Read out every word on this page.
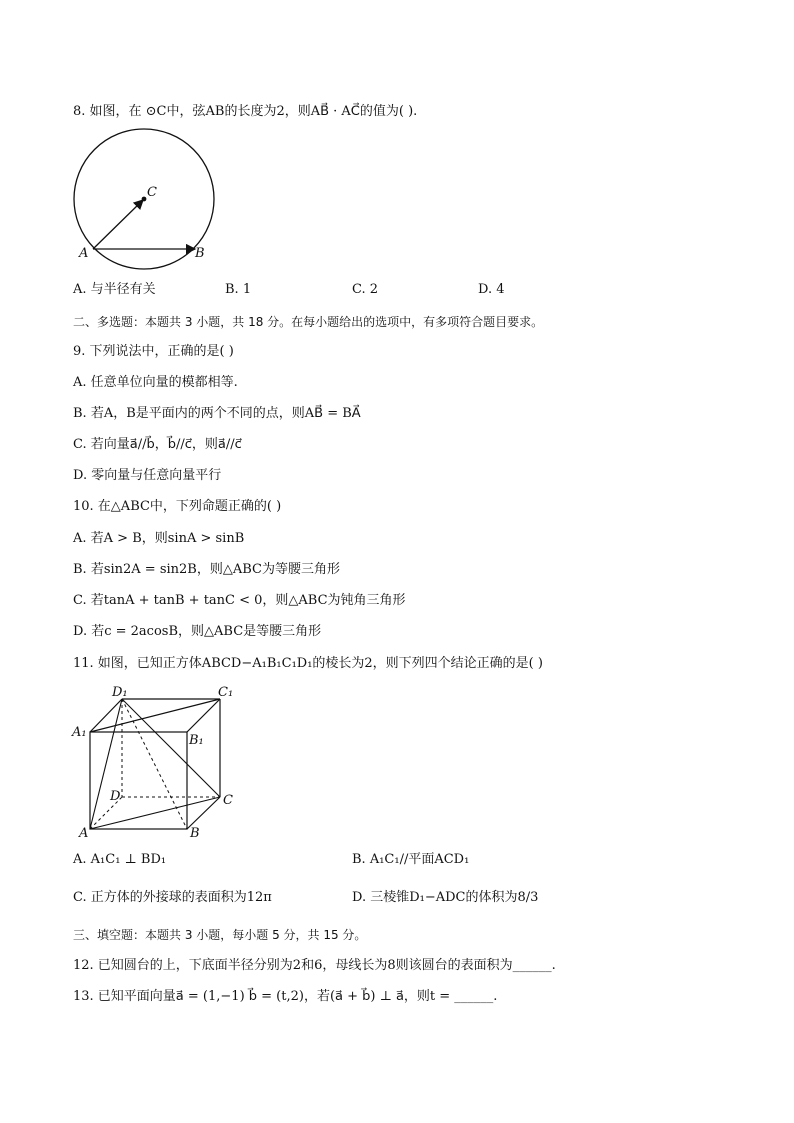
8. 如图，在 ⊙C中，弦AB的长度为2，则AB⃗ · AC⃗的值为( ).
C
A	B
A. 与半径有关	B. 1	C. 2	D. 4
二、多选题：本题共 3 小题，共 18 分。在每小题给出的选项中，有多项符合题目要求。
9. 下列说法中，正确的是( )
A. 任意单位向量的模都相等.
B. 若A，B是平面内的两个不同的点，则AB⃗ = BA⃗
C. 若向量a⃗//b⃗，b⃗//c⃗，则a⃗//c⃗
D. 零向量与任意向量平行
10. 在△ABC中，下列命题正确的( )
A. 若A > B，则sinA > sinB
B. 若sin2A = sin2B，则△ABC为等腰三角形
C. 若tanA + tanB + tanC < 0，则△ABC为钝角三角形
D. 若c = 2acosB，则△ABC是等腰三角形
11. 如图，已知正方体ABCD−A₁B₁C₁D₁的棱长为2，则下列四个结论正确的是( )
D₁	C₁
A₁
B₁
D	C
A	B
A. A₁C₁ ⊥ BD₁	B. A₁C₁//平面ACD₁
C. 正方体的外接球的表面积为12π	D. 三棱锥D₁−ADC的体积为8/3
三、填空题：本题共 3 小题，每小题 5 分，共 15 分。
12. 已知圆台的上，下底面半径分别为2和6，母线长为8则该圆台的表面积为______.
13. 已知平面向量a⃗ = (1,−1) b⃗ = (t,2)，若(a⃗ + b⃗) ⊥ a⃗，则t = ______.
